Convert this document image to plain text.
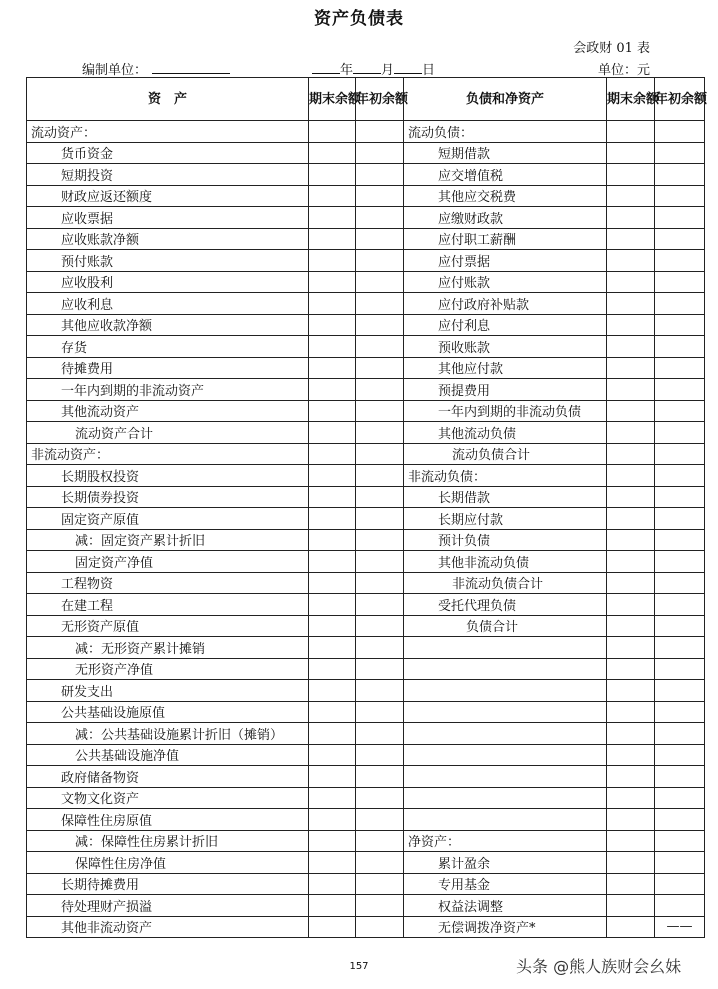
资产负债表
会政财 01 表
编制单位：	年 月 日	单位：元
资　产	期末余额	年初余额	负债和净资产	期末余额	年初余额
流动资产：			流动负债：		
货币资金			短期借款		
短期投资			应交增值税		
财政应返还额度			其他应交税费		
应收票据			应缴财政款		
应收账款净额			应付职工薪酬		
预付账款			应付票据		
应收股利			应付账款		
应收利息			应付政府补贴款		
其他应收款净额			应付利息		
存货			预收账款		
待摊费用			其他应付款		
一年内到期的非流动资产			预提费用		
其他流动资产			一年内到期的非流动负债		
流动资产合计			其他流动负债		
非流动资产：			流动负债合计		
长期股权投资			非流动负债：		
长期债券投资			长期借款		
固定资产原值			长期应付款		
减：固定资产累计折旧			预计负债		
固定资产净值			其他非流动负债		
工程物资			非流动负债合计		
在建工程			受托代理负债		
无形资产原值			负债合计		
减：无形资产累计摊销					
无形资产净值					
研发支出					
公共基础设施原值					
减：公共基础设施累计折旧（摊销）					
公共基础设施净值					
政府储备物资					
文物文化资产					
保障性住房原值					
减：保障性住房累计折旧			净资产：		
保障性住房净值			累计盈余		
长期待摊费用			专用基金		
待处理财产损溢			权益法调整		
其他非流动资产			无偿调拨净资产*		——
157	头条 @熊人族财会幺妹
